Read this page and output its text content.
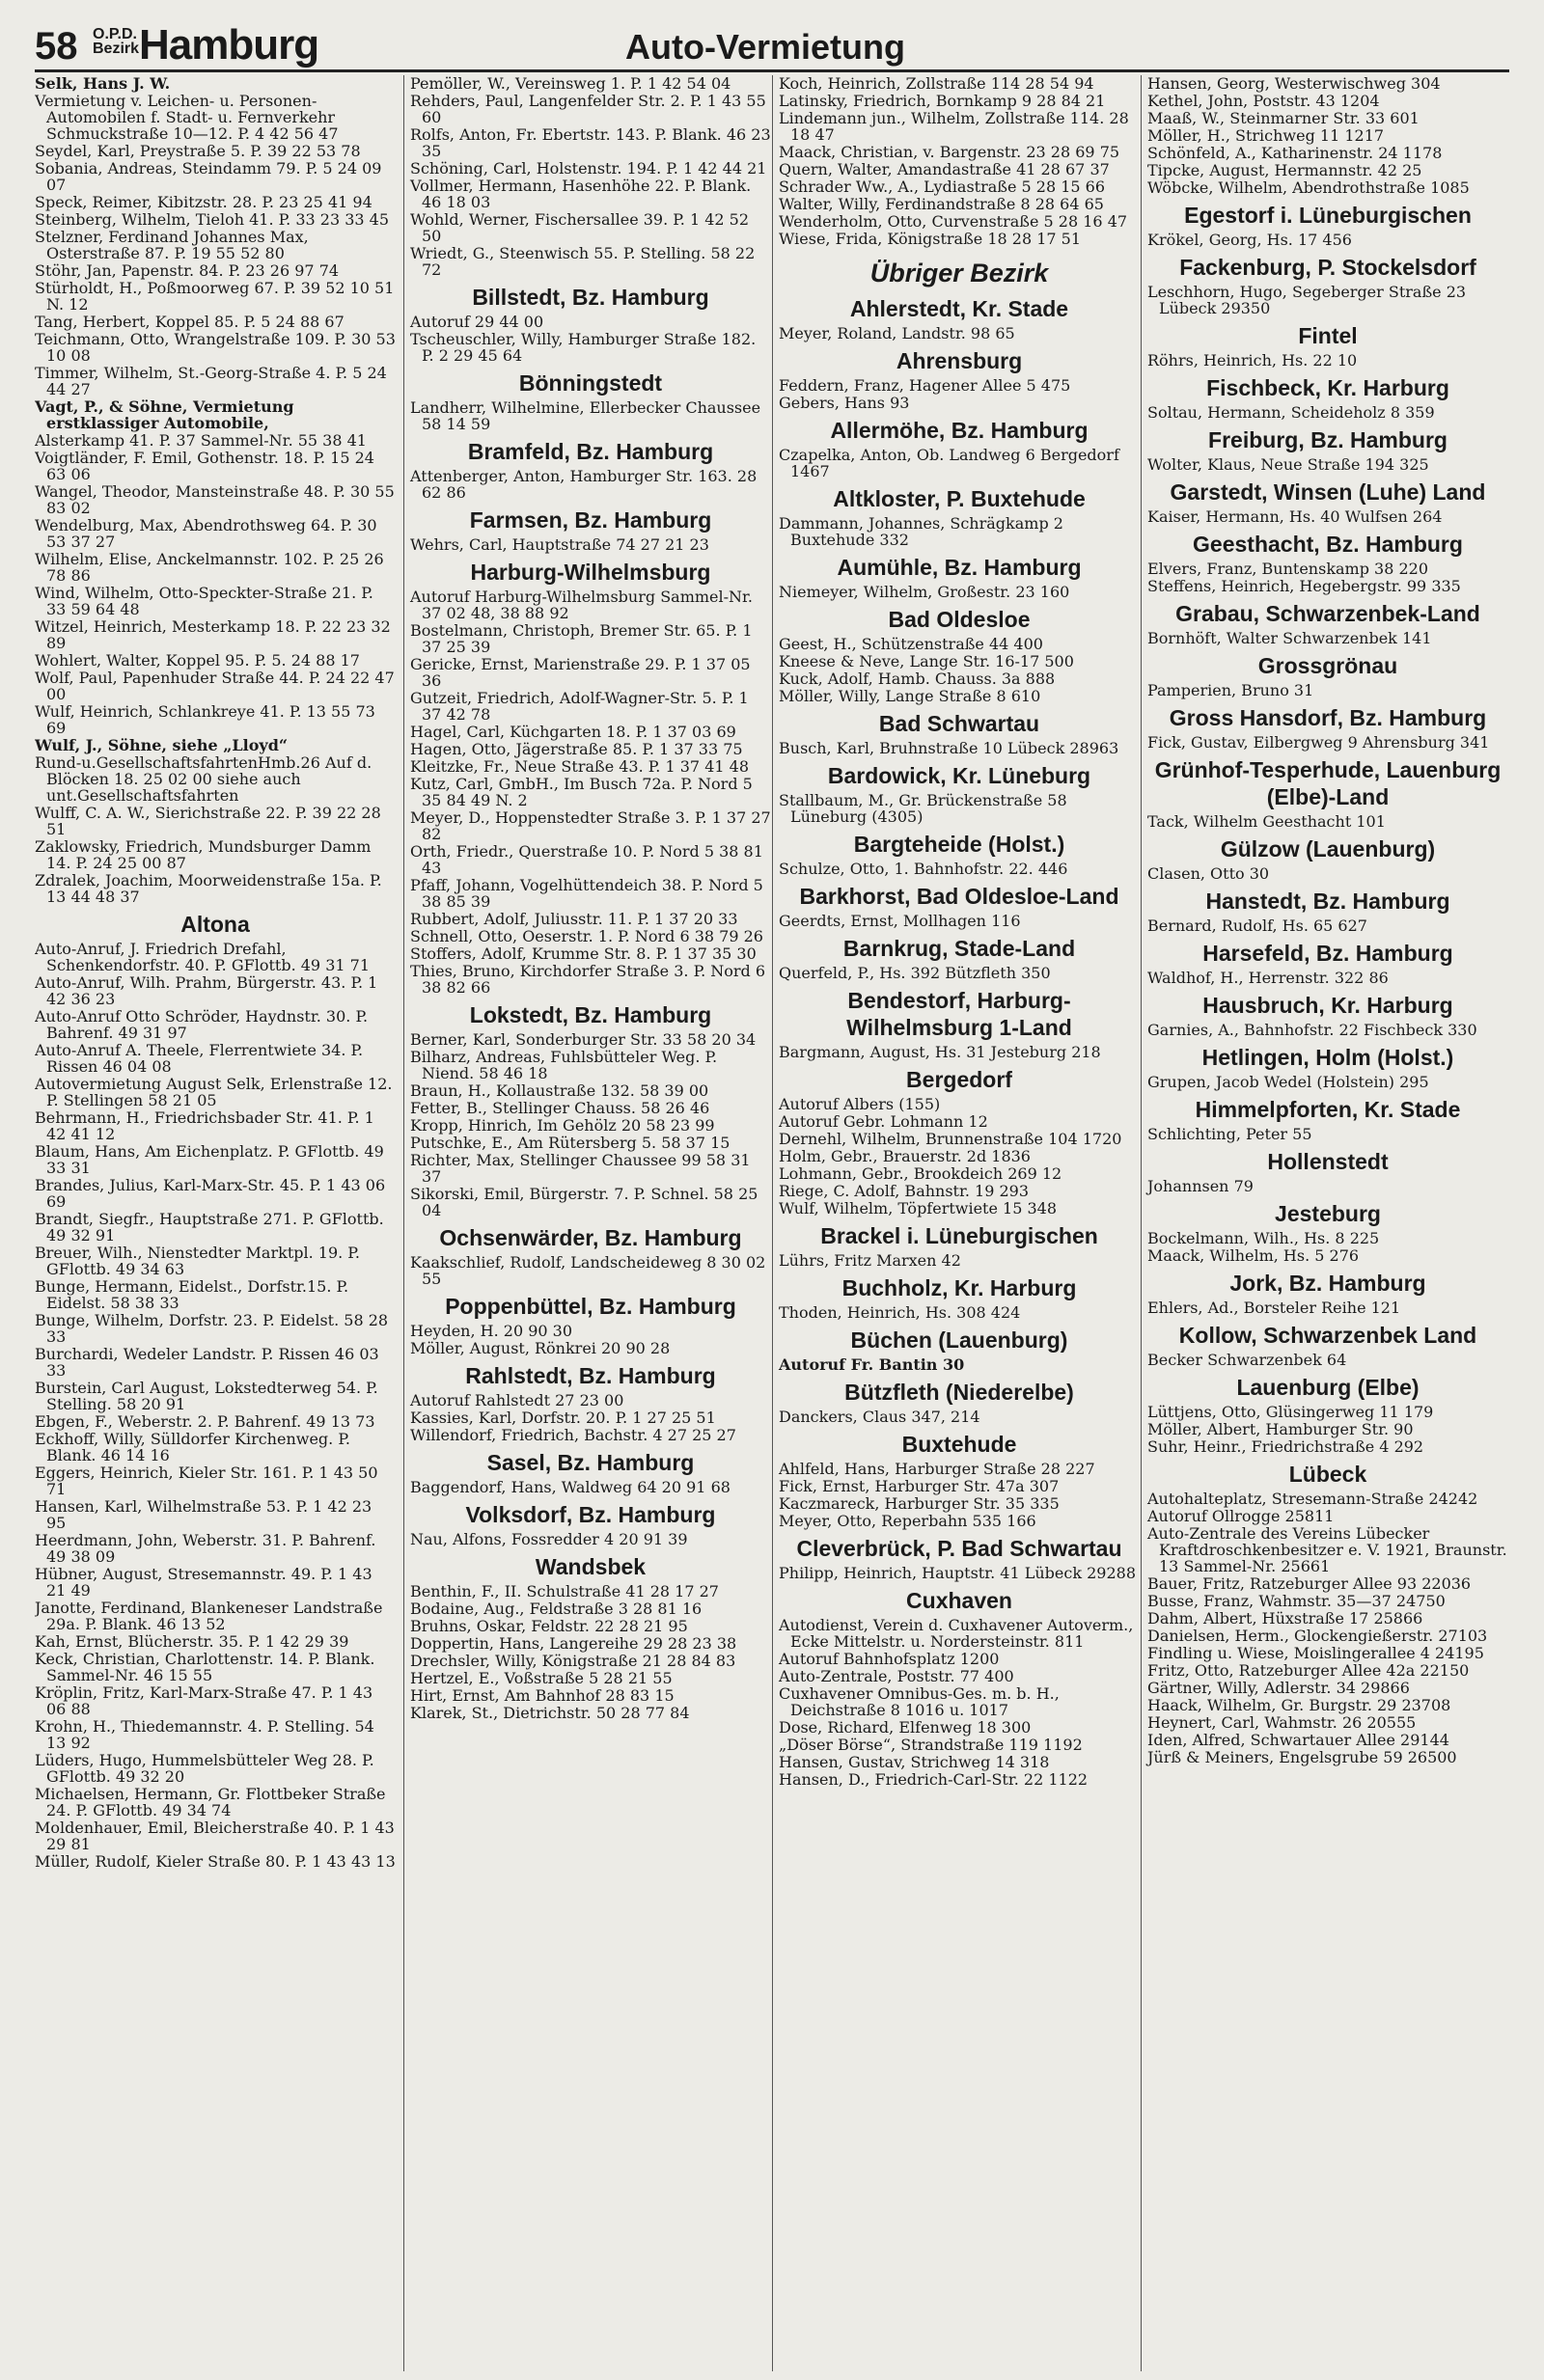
58 O.P.D.
Bezirk Hamburg	Auto-Vermietung
Selk, Hans J. W.
Vermietung v. Leichen- u. Personen-Automobilen f. Stadt- u. Fernverkehr Schmuckstraße 10—12. P. 4 42 56 47
Seydel, Karl, Preystraße 5. P. 39 22 53 78
Sobania, Andreas, Steindamm 79. P. 5 24 09 07
Speck, Reimer, Kibitzstr. 28. P. 23 25 41 94
Steinberg, Wilhelm, Tieloh 41. P. 33 23 33 45
Stelzner, Ferdinand Johannes Max, Osterstraße 87. P. 19 55 52 80
Stöhr, Jan, Papenstr. 84. P. 23 26 97 74
Stürholdt, H., Poßmoorweg 67. P. 39 52 10 51 N. 12
Tang, Herbert, Koppel 85. P. 5 24 88 67
Teichmann, Otto, Wrangelstraße 109. P. 30 53 10 08
Timmer, Wilhelm, St.-Georg-Straße 4. P. 5 24 44 27
Vagt, P., & Söhne, Vermietung erstklassiger Automobile,
Alsterkamp 41. P. 37 Sammel-Nr. 55 38 41
Voigtländer, F. Emil, Gothenstr. 18. P. 15 24 63 06
Wangel, Theodor, Mansteinstraße 48. P. 30 55 83 02
Wendelburg, Max, Abendrothsweg 64. P. 30 53 37 27
Wilhelm, Elise, Anckelmannstr. 102. P. 25 26 78 86
Wind, Wilhelm, Otto-Speckter-Straße 21. P. 33 59 64 48
Witzel, Heinrich, Mesterkamp 18. P. 22 23 32 89
Wohlert, Walter, Koppel 95. P. 5. 24 88 17
Wolf, Paul, Papenhuder Straße 44. P. 24 22 47 00
Wulf, Heinrich, Schlankreye 41. P. 13 55 73 69
Wulf, J., Söhne, siehe „Lloyd“
Rund-u.GesellschaftsfahrtenHmb.26 Auf d. Blöcken 18. 25 02 00 siehe auch unt.Gesellschaftsfahrten
Wulff, C. A. W., Sierichstraße 22. P. 39 22 28 51
Zaklowsky, Friedrich, Mundsburger Damm 14. P. 24 25 00 87
Zdralek, Joachim, Moorweidenstraße 15a. P. 13 44 48 37
Altona
Auto-Anruf, J. Friedrich Drefahl, Schenkendorfstr. 40. P. GFlottb. 49 31 71
Auto-Anruf, Wilh. Prahm, Bürgerstr. 43. P. 1 42 36 23
Auto-Anruf Otto Schröder, Haydnstr. 30. P. Bahrenf. 49 31 97
Auto-Anruf A. Theele, Flerrentwiete 34. P. Rissen 46 04 08
Autovermietung August Selk, Erlenstraße 12. P. Stellingen 58 21 05
Behrmann, H., Friedrichsbader Str. 41. P. 1 42 41 12
Blaum, Hans, Am Eichenplatz. P. GFlottb. 49 33 31
Brandes, Julius, Karl-Marx-Str. 45. P. 1 43 06 69
Brandt, Siegfr., Hauptstraße 271. P. GFlottb. 49 32 91
Breuer, Wilh., Nienstedter Marktpl. 19. P. GFlottb. 49 34 63
Bunge, Hermann, Eidelst., Dorfstr.15. P. Eidelst. 58 38 33
Bunge, Wilhelm, Dorfstr. 23. P. Eidelst. 58 28 33
Burchardi, Wedeler Landstr. P. Rissen 46 03 33
Burstein, Carl August, Lokstedterweg 54. P. Stelling. 58 20 91
Ebgen, F., Weberstr. 2. P. Bahrenf. 49 13 73
Eckhoff, Willy, Sülldorfer Kirchenweg. P. Blank. 46 14 16
Eggers, Heinrich, Kieler Str. 161. P. 1 43 50 71
Hansen, Karl, Wilhelmstraße 53. P. 1 42 23 95
Heerdmann, John, Weberstr. 31. P. Bahrenf. 49 38 09
Hübner, August, Stresemannstr. 49. P. 1 43 21 49
Janotte, Ferdinand, Blankeneser Landstraße 29a. P. Blank. 46 13 52
Kah, Ernst, Blücherstr. 35. P. 1 42 29 39
Keck, Christian, Charlottenstr. 14. P. Blank. Sammel-Nr. 46 15 55
Kröplin, Fritz, Karl-Marx-Straße 47. P. 1 43 06 88
Krohn, H., Thiedemannstr. 4. P. Stelling. 54 13 92
Lüders, Hugo, Hummelsbütteler Weg 28. P. GFlottb. 49 32 20
Michaelsen, Hermann, Gr. Flottbeker Straße 24. P. GFlottb. 49 34 74
Moldenhauer, Emil, Bleicherstraße 40. P. 1 43 29 81
Müller, Rudolf, Kieler Straße 80. P. 1 43 43 13
Pemöller, W., Vereinsweg 1. P. 1 42 54 04
Rehders, Paul, Langenfelder Str. 2. P. 1 43 55 60
Rolfs, Anton, Fr. Ebertstr. 143. P. Blank. 46 23 35
Schöning, Carl, Holstenstr. 194. P. 1 42 44 21
Vollmer, Hermann, Hasenhöhe 22. P. Blank. 46 18 03
Wohld, Werner, Fischersallee 39. P. 1 42 52 50
Wriedt, G., Steenwisch 55. P. Stelling. 58 22 72
Billstedt, Bz. Hamburg
Autoruf 29 44 00
Tscheuschler, Willy, Hamburger Straße 182. P. 2 29 45 64
Bönningstedt
Landherr, Wilhelmine, Ellerbecker Chaussee 58 14 59
Bramfeld, Bz. Hamburg
Attenberger, Anton, Hamburger Str. 163. 28 62 86
Farmsen, Bz. Hamburg
Wehrs, Carl, Hauptstraße 74 27 21 23
Harburg-Wilhelmsburg
Autoruf Harburg-Wilhelmsburg Sammel-Nr. 37 02 48, 38 88 92
Bostelmann, Christoph, Bremer Str. 65. P. 1 37 25 39
Gericke, Ernst, Marienstraße 29. P. 1 37 05 36
Gutzeit, Friedrich, Adolf-Wagner-Str. 5. P. 1 37 42 78
Hagel, Carl, Küchgarten 18. P. 1 37 03 69
Hagen, Otto, Jägerstraße 85. P. 1 37 33 75
Kleitzke, Fr., Neue Straße 43. P. 1 37 41 48
Kutz, Carl, GmbH., Im Busch 72a. P. Nord 5 35 84 49 N. 2
Meyer, D., Hoppenstedter Straße 3. P. 1 37 27 82
Orth, Friedr., Querstraße 10. P. Nord 5 38 81 43
Pfaff, Johann, Vogelhüttendeich 38. P. Nord 5 38 85 39
Rubbert, Adolf, Juliusstr. 11. P. 1 37 20 33
Schnell, Otto, Oeserstr. 1. P. Nord 6 38 79 26
Stoffers, Adolf, Krumme Str. 8. P. 1 37 35 30
Thies, Bruno, Kirchdorfer Straße 3. P. Nord 6 38 82 66
Lokstedt, Bz. Hamburg
Berner, Karl, Sonderburger Str. 33 58 20 34
Bilharz, Andreas, Fuhlsbütteler Weg. P. Niend. 58 46 18
Braun, H., Kollaustraße 132. 58 39 00
Fetter, B., Stellinger Chauss. 58 26 46
Kropp, Hinrich, Im Gehölz 20 58 23 99
Putschke, E., Am Rütersberg 5. 58 37 15
Richter, Max, Stellinger Chaussee 99 58 31 37
Sikorski, Emil, Bürgerstr. 7. P. Schnel. 58 25 04
Ochsenwärder, Bz. Hamburg
Kaakschlief, Rudolf, Landscheideweg 8 30 02 55
Poppenbüttel, Bz. Hamburg
Heyden, H. 20 90 30
Möller, August, Rönkrei 20 90 28
Rahlstedt, Bz. Hamburg
Autoruf Rahlstedt 27 23 00
Kassies, Karl, Dorfstr. 20. P. 1 27 25 51
Willendorf, Friedrich, Bachstr. 4 27 25 27
Sasel, Bz. Hamburg
Baggendorf, Hans, Waldweg 64 20 91 68
Volksdorf, Bz. Hamburg
Nau, Alfons, Fossredder 4 20 91 39
Wandsbek
Benthin, F., II. Schulstraße 41 28 17 27
Bodaine, Aug., Feldstraße 3 28 81 16
Bruhns, Oskar, Feldstr. 22 28 21 95
Doppertin, Hans, Langereihe 29 28 23 38
Drechsler, Willy, Königstraße 21 28 84 83
Hertzel, E., Voßstraße 5 28 21 55
Hirt, Ernst, Am Bahnhof 28 83 15
Klarek, St., Dietrichstr. 50 28 77 84
Koch, Heinrich, Zollstraße 114 28 54 94
Latinsky, Friedrich, Bornkamp 9 28 84 21
Lindemann jun., Wilhelm, Zollstraße 114. 28 18 47
Maack, Christian, v. Bargenstr. 23 28 69 75
Quern, Walter, Amandastraße 41 28 67 37
Schrader Ww., A., Lydiastraße 5 28 15 66
Walter, Willy, Ferdinandstraße 8 28 64 65
Wenderholm, Otto, Curvenstraße 5 28 16 47
Wiese, Frida, Königstraße 18 28 17 51
Übriger Bezirk
Ahlerstedt, Kr. Stade
Meyer, Roland, Landstr. 98 65
Ahrensburg
Feddern, Franz, Hagener Allee 5 475
Gebers, Hans 93
Allermöhe, Bz. Hamburg
Czapelka, Anton, Ob. Landweg 6 Bergedorf 1467
Altkloster, P. Buxtehude
Dammann, Johannes, Schrägkamp 2 Buxtehude 332
Aumühle, Bz. Hamburg
Niemeyer, Wilhelm, Großestr. 23 160
Bad Oldesloe
Geest, H., Schützenstraße 44 400
Kneese & Neve, Lange Str. 16-17 500
Kuck, Adolf, Hamb. Chauss. 3a 888
Möller, Willy, Lange Straße 8 610
Bad Schwartau
Busch, Karl, Bruhnstraße 10 Lübeck 28963
Bardowick, Kr. Lüneburg
Stallbaum, M., Gr. Brückenstraße 58 Lüneburg (4305)
Bargteheide (Holst.)
Schulze, Otto, 1. Bahnhofstr. 22. 446
Barkhorst, Bad Oldesloe-Land
Geerdts, Ernst, Mollhagen 116
Barnkrug, Stade-Land
Querfeld, P., Hs. 392 Bützfleth 350
Bendestorf, Harburg-Wilhelmsburg 1-Land
Bargmann, August, Hs. 31 Jesteburg 218
Bergedorf
Autoruf Albers (155)
Autoruf Gebr. Lohmann 12
Dernehl, Wilhelm, Brunnenstraße 104 1720
Holm, Gebr., Brauerstr. 2d 1836
Lohmann, Gebr., Brookdeich 269 12
Riege, C. Adolf, Bahnstr. 19 293
Wulf, Wilhelm, Töpfertwiete 15 348
Brackel i. Lüneburgischen
Lührs, Fritz Marxen 42
Buchholz, Kr. Harburg
Thoden, Heinrich, Hs. 308 424
Büchen (Lauenburg)
Autoruf Fr. Bantin 30
Bützfleth (Niederelbe)
Danckers, Claus 347, 214
Buxtehude
Ahlfeld, Hans, Harburger Straße 28 227
Fick, Ernst, Harburger Str. 47a 307
Kaczmareck, Harburger Str. 35 335
Meyer, Otto, Reperbahn 535 166
Cleverbrück, P. Bad Schwartau
Philipp, Heinrich, Hauptstr. 41 Lübeck 29288
Cuxhaven
Autodienst, Verein d. Cuxhavener Autoverm., Ecke Mittelstr. u. Nordersteinstr. 811
Autoruf Bahnhofsplatz 1200
Auto-Zentrale, Poststr. 77 400
Cuxhavener Omnibus-Ges. m. b. H., Deichstraße 8 1016 u. 1017
Dose, Richard, Elfenweg 18 300
„Döser Börse“, Strandstraße 119 1192
Hansen, Gustav, Strichweg 14 318
Hansen, D., Friedrich-Carl-Str. 22 1122
Hansen, Georg, Westerwischweg 304
Kethel, John, Poststr. 43 1204
Maaß, W., Steinmarner Str. 33 601
Möller, H., Strichweg 11 1217
Schönfeld, A., Katharinenstr. 24 1178
Tipcke, August, Hermannstr. 42 25
Wöbcke, Wilhelm, Abendrothstraße 1085
Egestorf i. Lüneburgischen
Krökel, Georg, Hs. 17 456
Fackenburg, P. Stockelsdorf
Leschhorn, Hugo, Segeberger Straße 23 Lübeck 29350
Fintel
Röhrs, Heinrich, Hs. 22 10
Fischbeck, Kr. Harburg
Soltau, Hermann, Scheideholz 8 359
Freiburg, Bz. Hamburg
Wolter, Klaus, Neue Straße 194 325
Garstedt, Winsen (Luhe) Land
Kaiser, Hermann, Hs. 40 Wulfsen 264
Geesthacht, Bz. Hamburg
Elvers, Franz, Buntenskamp 38 220
Steffens, Heinrich, Hegebergstr. 99 335
Grabau, Schwarzenbek-Land
Bornhöft, Walter Schwarzenbek 141
Grossgrönau
Pamperien, Bruno 31
Gross Hansdorf, Bz. Hamburg
Fick, Gustav, Eilbergweg 9 Ahrensburg 341
Grünhof-Tesperhude, Lauenburg (Elbe)-Land
Tack, Wilhelm Geesthacht 101
Gülzow (Lauenburg)
Clasen, Otto 30
Hanstedt, Bz. Hamburg
Bernard, Rudolf, Hs. 65 627
Harsefeld, Bz. Hamburg
Waldhof, H., Herrenstr. 322 86
Hausbruch, Kr. Harburg
Garnies, A., Bahnhofstr. 22 Fischbeck 330
Hetlingen, Holm (Holst.)
Grupen, Jacob Wedel (Holstein) 295
Himmelpforten, Kr. Stade
Schlichting, Peter 55
Hollenstedt
Johannsen 79
Jesteburg
Bockelmann, Wilh., Hs. 8 225
Maack, Wilhelm, Hs. 5 276
Jork, Bz. Hamburg
Ehlers, Ad., Borsteler Reihe 121
Kollow, Schwarzenbek Land
Becker Schwarzenbek 64
Lauenburg (Elbe)
Lüttjens, Otto, Glüsingerweg 11 179
Möller, Albert, Hamburger Str. 90
Suhr, Heinr., Friedrichstraße 4 292
Lübeck
Autohalteplatz, Stresemann-Straße 24242
Autoruf Ollrogge 25811
Auto-Zentrale des Vereins Lübecker Kraftdroschkenbesitzer e. V. 1921, Braunstr. 13 Sammel-Nr. 25661
Bauer, Fritz, Ratzeburger Allee 93 22036
Busse, Franz, Wahmstr. 35—37 24750
Dahm, Albert, Hüxstraße 17 25866
Danielsen, Herm., Glockengießerstr. 27103
Findling u. Wiese, Moislingerallee 4 24195
Fritz, Otto, Ratzeburger Allee 42a 22150
Gärtner, Willy, Adlerstr. 34 29866
Haack, Wilhelm, Gr. Burgstr. 29 23708
Heynert, Carl, Wahmstr. 26 20555
Iden, Alfred, Schwartauer Allee 29144
Jürß & Meiners, Engelsgrube 59 26500
